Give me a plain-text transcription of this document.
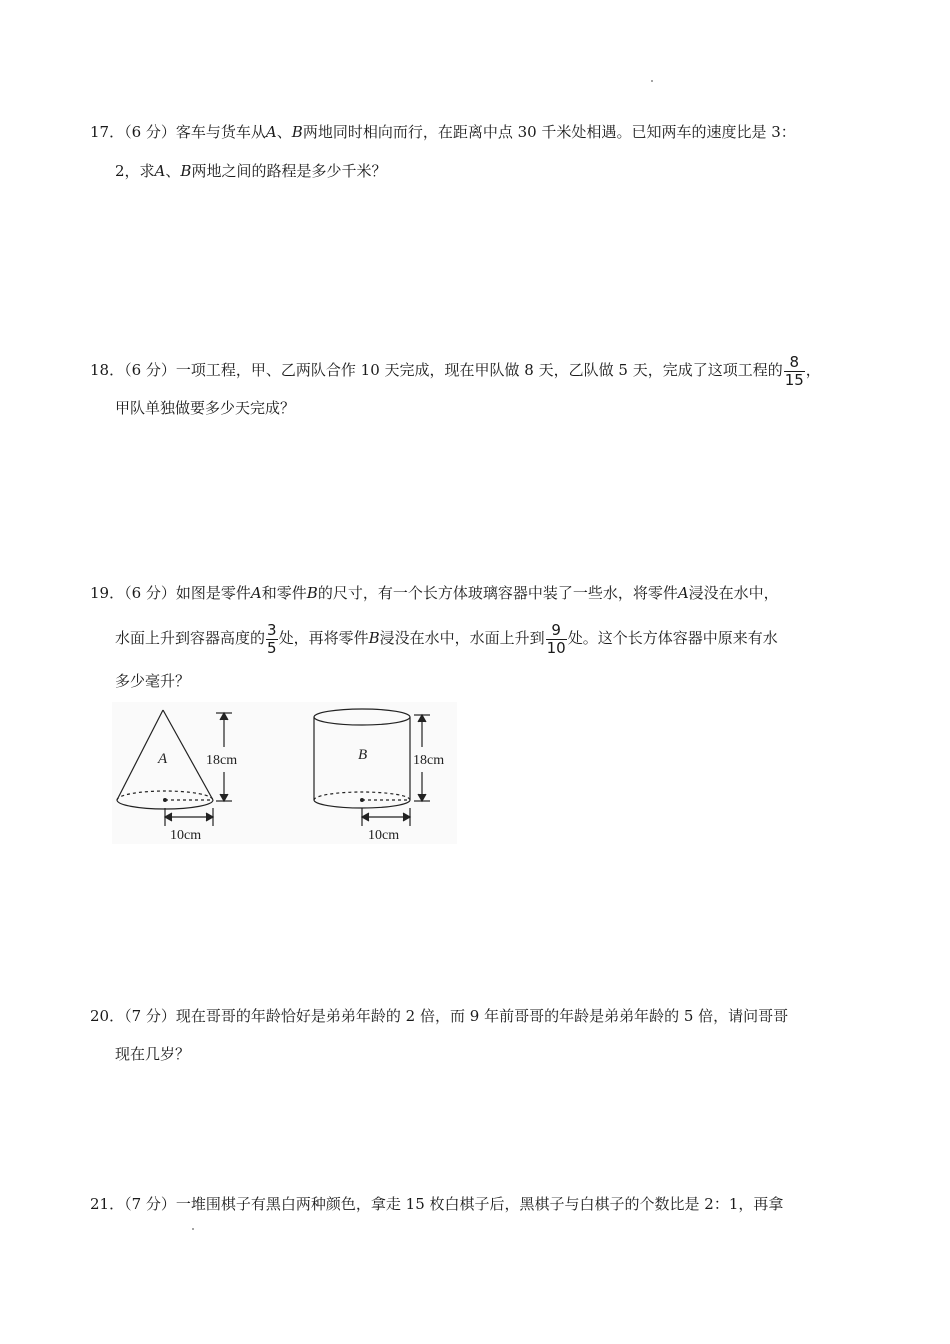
17．（6 分）客车与货车从A、B两地同时相向而行，在距离中点 30 千米处相遇。已知两车的速度比是 3：
2，求A、B两地之间的路程是多少千米？
18．（6 分）一项工程，甲、乙两队合作 10 天完成，现在甲队做 8 天，乙队做 5 天，完成了这项工程的 $\frac{8}{15}$ ，
甲队单独做要多少天完成？
19．（6 分）如图是零件A和零件B的尺寸，有一个长方体玻璃容器中装了一些水，将零件A浸没在水中，
水面上升到容器高度的 $\frac{3}{5}$ 处，再将零件B浸没在水中，水面上升到 $\frac{9}{10}$ 处。这个长方体容器中原来有水
多少毫升？
A	18cm
10cm
B	18cm
10cm
20．（7 分）现在哥哥的年龄恰好是弟弟年龄的 2 倍，而 9 年前哥哥的年龄是弟弟年龄的 5 倍，请问哥哥
现在几岁？
21．（7 分）一堆围棋子有黑白两种颜色，拿走 15 枚白棋子后，黑棋子与白棋子的个数比是 2：1，再拿
